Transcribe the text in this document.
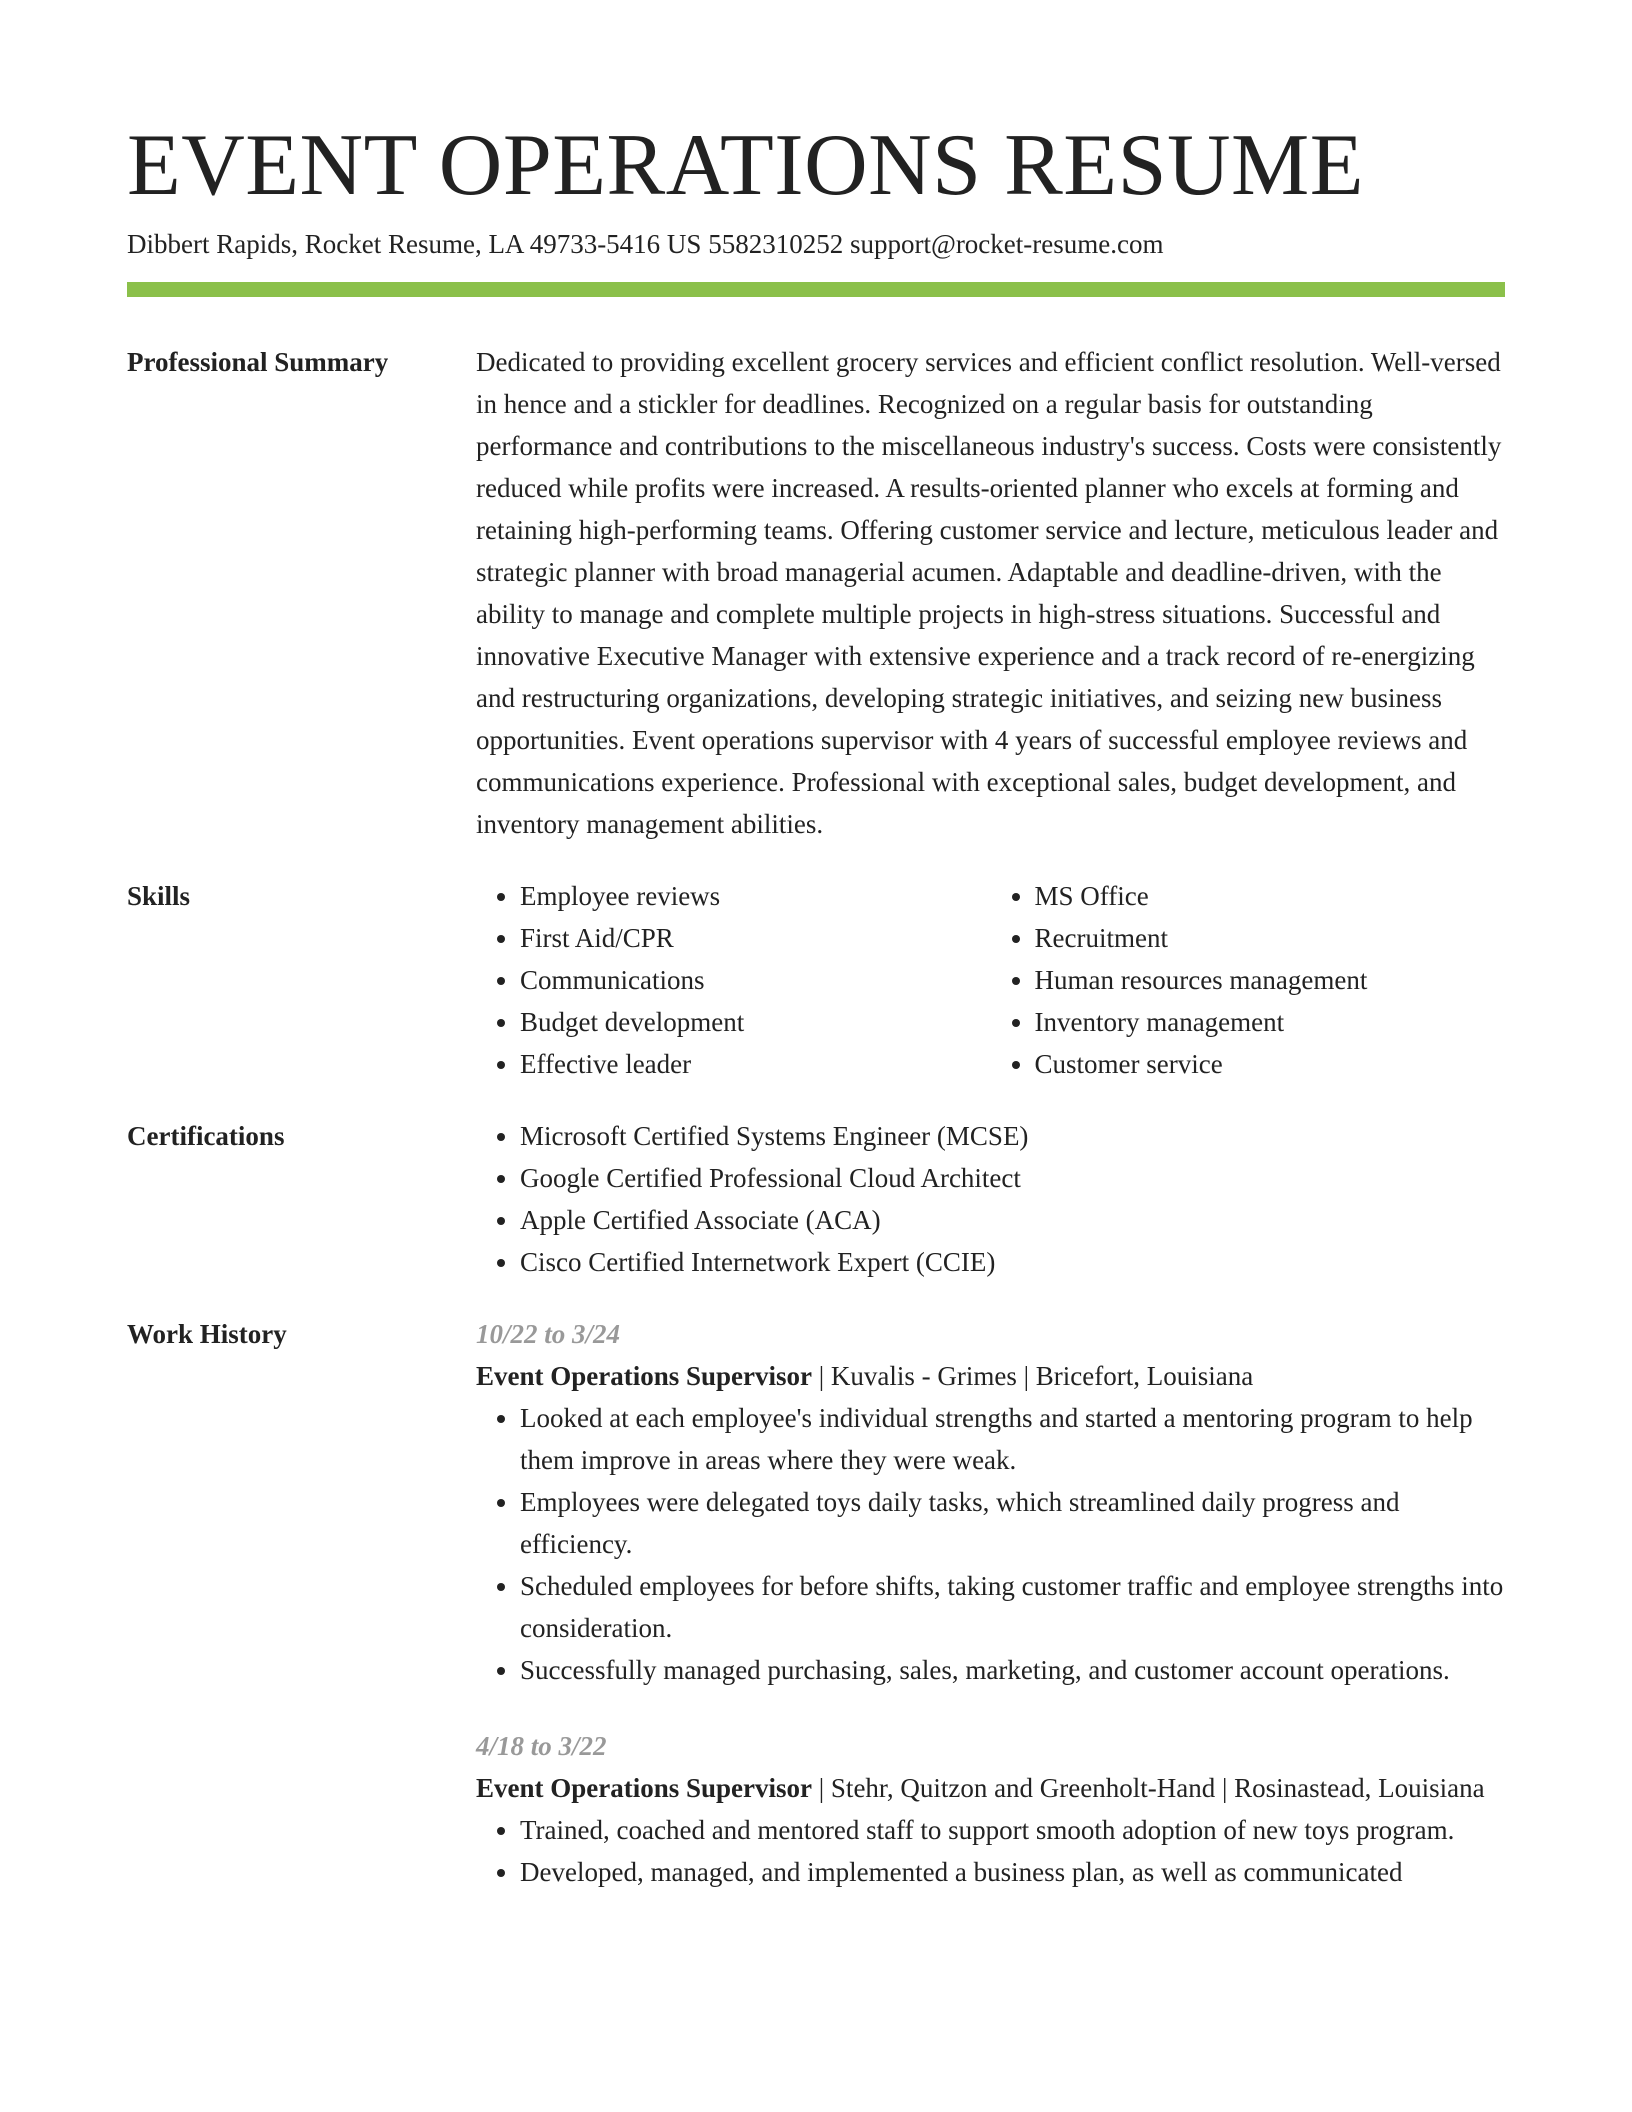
EVENT OPERATIONS RESUME
Dibbert Rapids, Rocket Resume, LA 49733-5416 US 5582310252 support@rocket-resume.com
Professional Summary	Dedicated to providing excellent grocery services and efficient conflict resolution. Well-versed in hence and a stickler for deadlines. Recognized on a regular basis for outstanding performance and contributions to the miscellaneous industry's success. Costs were consistently reduced while profits were increased. A results-oriented planner who excels at forming and retaining high-performing teams. Offering customer service and lecture, meticulous leader and strategic planner with broad managerial acumen. Adaptable and deadline-driven, with the ability to manage and complete multiple projects in high-stress situations. Successful and innovative Executive Manager with extensive experience and a track record of re-energizing and restructuring organizations, developing strategic initiatives, and seizing new business opportunities. Event operations supervisor with 4 years of successful employee reviews and communications experience. Professional with exceptional sales, budget development, and inventory management abilities.
Skills	• Employee reviews
• First Aid/CPR
• Communications
• Budget development
• Effective leader
• MS Office
• Recruitment
• Human resources management
• Inventory management
• Customer service
Certifications	• Microsoft Certified Systems Engineer (MCSE)
• Google Certified Professional Cloud Architect
• Apple Certified Associate (ACA)
• Cisco Certified Internetwork Expert (CCIE)
Work History	10/22 to 3/24
Event Operations Supervisor | Kuvalis - Grimes | Bricefort, Louisiana
• Looked at each employee's individual strengths and started a mentoring program to help them improve in areas where they were weak.
• Employees were delegated toys daily tasks, which streamlined daily progress and efficiency.
• Scheduled employees for before shifts, taking customer traffic and employee strengths into consideration.
• Successfully managed purchasing, sales, marketing, and customer account operations.
4/18 to 3/22
Event Operations Supervisor | Stehr, Quitzon and Greenholt-Hand | Rosinastead, Louisiana
• Trained, coached and mentored staff to support smooth adoption of new toys program.
• Developed, managed, and implemented a business plan, as well as communicated
